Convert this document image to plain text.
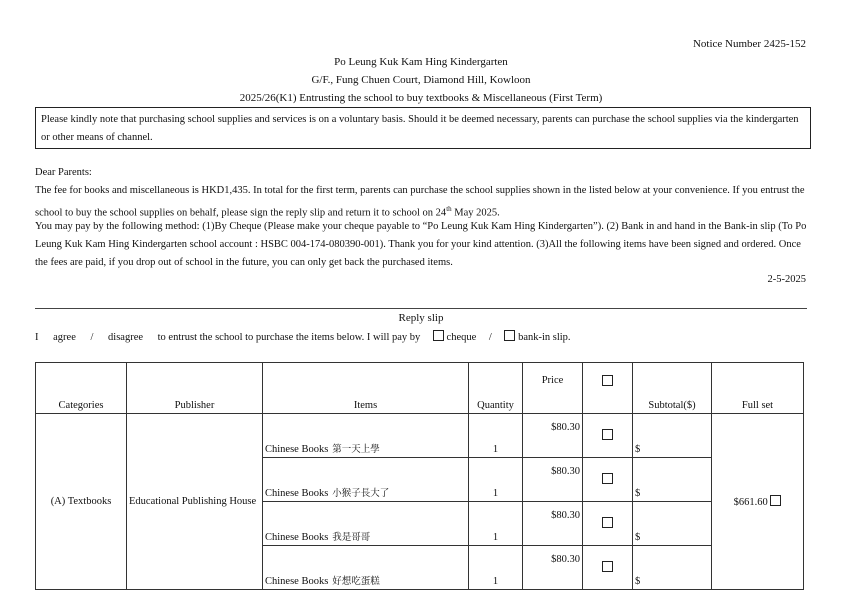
Notice Number 2425-152
Po Leung Kuk Kam Hing Kindergarten
G/F., Fung Chuen Court, Diamond Hill, Kowloon
2025/26(K1) Entrusting the school to buy textbooks & Miscellaneous (First Term)
Please kindly note that purchasing school supplies and services is on a voluntary basis. Should it be deemed necessary, parents can purchase the school supplies via the kindergarten or other means of channel.
Dear Parents:
The fee for books and miscellaneous is HKD1,435. In total for the first term, parents can purchase the school supplies shown in the listed below at your convenience. If you entrust the school to buy the school supplies on behalf, please sign the reply slip and return it to school on 24th May 2025.
You may pay by the following method: (1)By Cheque (Please make your cheque payable to “Po Leung Kuk Kam Hing Kindergarten”). (2) Bank in and hand in the Bank-in slip (To Po Leung Kuk Kam Hing Kindergarten school account : HSBC 004-174-080390-001). Thank you for your kind attention. (3)All the following items have been signed and ordered. Once the fees are paid, if you drop out of school in the future, you can only get back the purchased items.
2-5-2025
Reply slip
I agree / disagree to entrust the school to purchase the items below. I will pay by	cheque /	bank-in slip.
Categories	Publisher	Items	Quantity	Price		Subtotal($)	Full set
(A) Textbooks	Educational Publishing House	Chinese Books 第一天上學	1	$80.30		$	$661.60
		Chinese Books 小猴子長大了	1	$80.30		$	
		Chinese Books 我是哥哥	1	$80.30		$	
		Chinese Books 好想吃蛋糕	1	$80.30		$	
